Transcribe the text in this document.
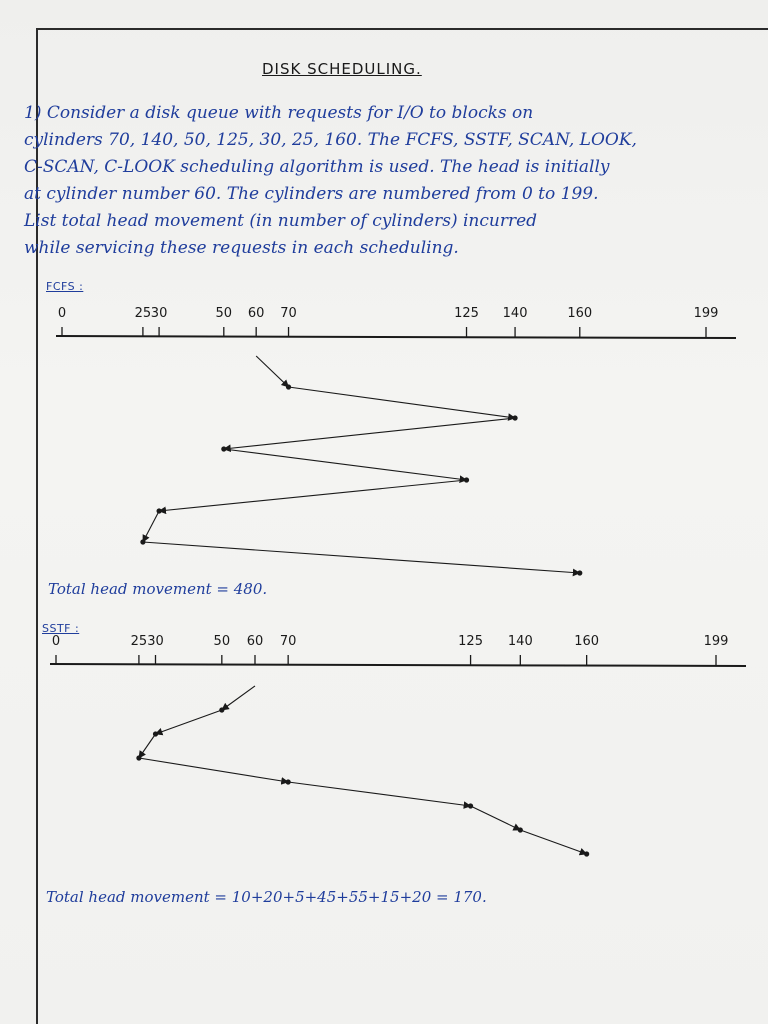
DISK SCHEDULING.
1) Consider a disk queue with requests for I/O to blocks on
cylinders 70, 140, 50, 125, 30, 25, 160. The FCFS, SSTF, SCAN, LOOK,
C-SCAN, C-LOOK scheduling algorithm is used. The head is initially
at cylinder number 60. The cylinders are numbered from 0 to 199.
List total head movement (in number of cylinders) incurred
while servicing these requests in each scheduling.
FCFS :
0	25 30	50 60 70	125 140	160	199
Total head movement = 480.
SSTF :
0	25 30	50 60 70	125 140	160	199
Total head movement = 10+20+5+45+55+15+20 = 170.
